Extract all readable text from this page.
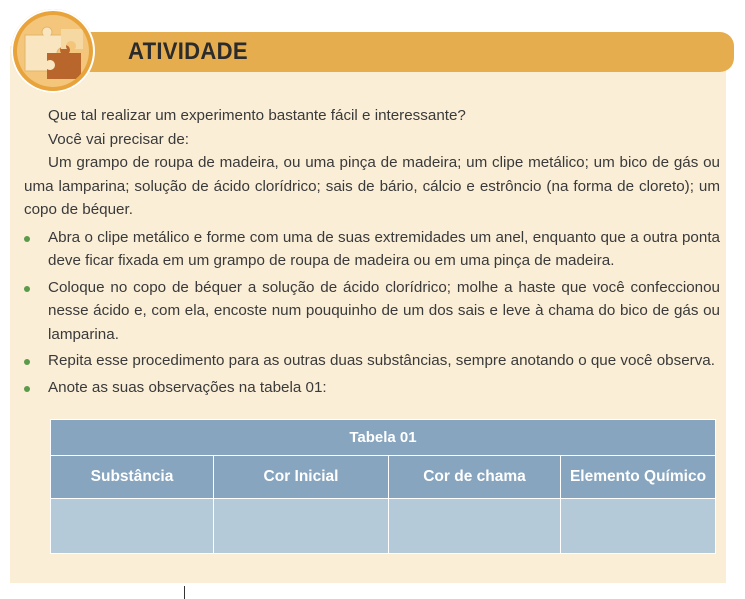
ATIVIDADE

Que tal realizar um experimento bastante fácil e interessante?

Você vai precisar de:

Um grampo de roupa de madeira, ou uma pinça de madeira; um clipe metálico; um bico de gás ou uma lamparina; solução de ácido clorídrico; sais de bário, cálcio e estrôncio (na forma de cloreto); um copo de béquer.

Abra o clipe metálico e forme com uma de suas extremidades um anel, enquanto que a outra ponta deve ficar fixada em um grampo de roupa de madeira ou em uma pinça de madeira.
Coloque no copo de béquer a solução de ácido clorídrico; molhe a haste que você confeccionou nesse ácido e, com ela, encoste num pouquinho de um dos sais e leve à chama do bico de gás ou lamparina.
Repita esse procedimento para as outras duas substâncias, sempre anotando o que você observa.
Anote as suas observações na tabela 01:
Tabela 01			
Substância	Cor Inicial	Cor de chama	Elemento Químico
